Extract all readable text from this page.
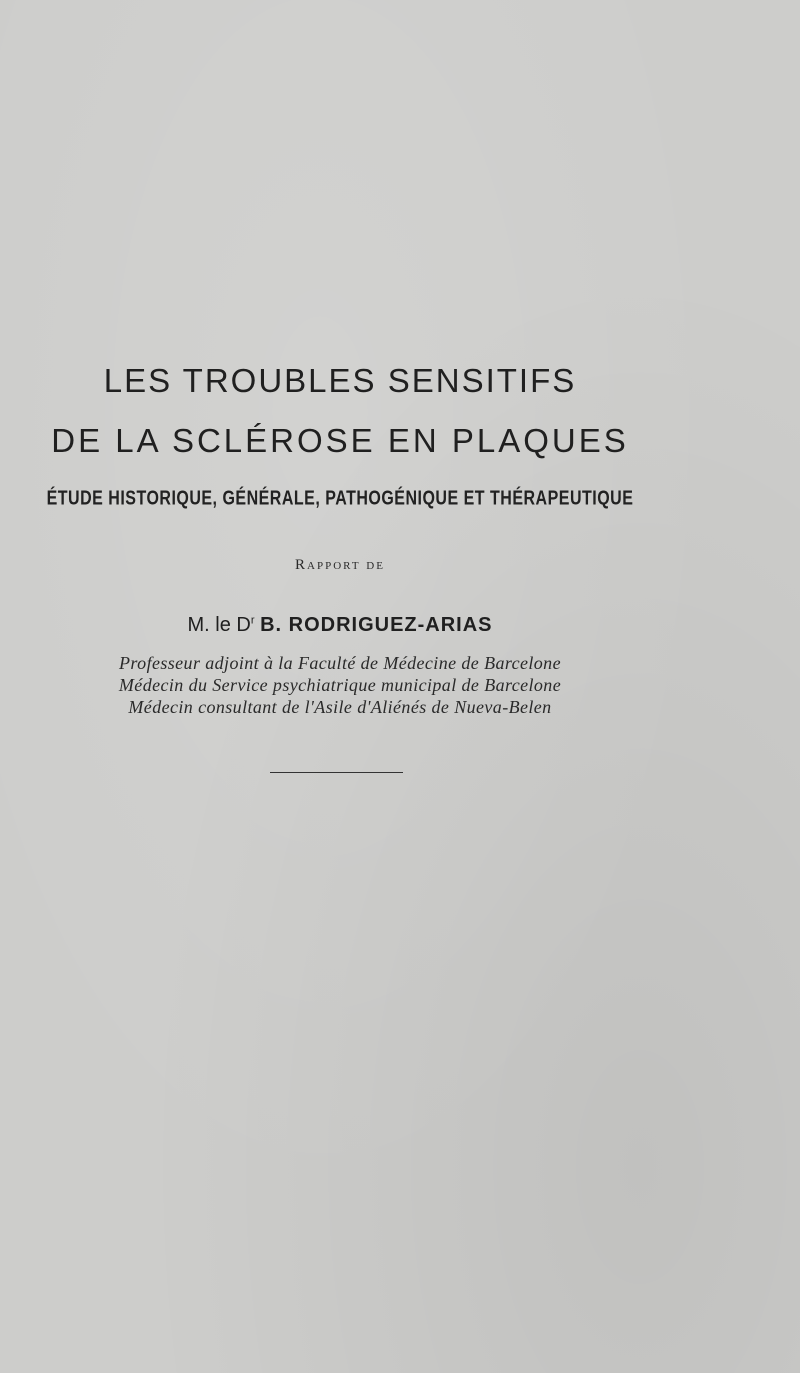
LES TROUBLES SENSITIFS
DE LA SCLÉROSE EN PLAQUES
ÉTUDE HISTORIQUE, GÉNÉRALE, PATHOGÉNIQUE ET THÉRAPEUTIQUE
Rapport de
M. le $D^r$ B. RODRIGUEZ-ARIAS
Professeur adjoint à la Faculté de Médecine de Barcelone
Médecin du Service psychiatrique municipal de Barcelone
Médecin consultant de l'Asile d'Aliénés de Nueva-Belen
